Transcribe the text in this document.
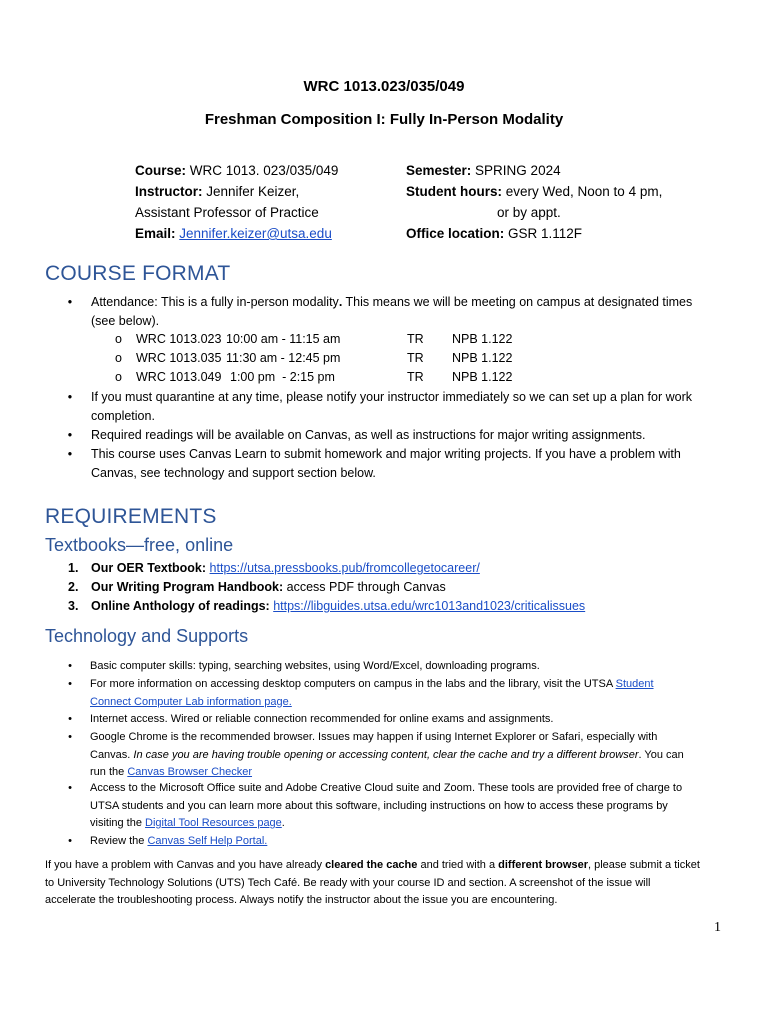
WRC 1013.023/035/049
Freshman Composition I: Fully In-Person Modality
Course: WRC 1013. 023/035/049
Instructor: Jennifer Keizer,
Assistant Professor of Practice
Email: Jennifer.keizer@utsa.edu
Semester: SPRING 2024
Student hours: every Wed, Noon to 4 pm,
or by appt.
Office location: GSR 1.112F
COURSE FORMAT
• Attendance: This is a fully in-person modality. This means we will be meeting on campus at designated times
(see below).
o WRC 1013.023 10:00 am - 11:15 am	TR NPB 1.122
o WRC 1013.035 11:30 am - 12:45 pm	TR NPB 1.122
o WRC 1013.049 1:00 pm  - 2:15 pm	TR NPB 1.122
• If you must quarantine at any time, please notify your instructor immediately so we can set up a plan for work
completion.
• Required readings will be available on Canvas, as well as instructions for major writing assignments.
• This course uses Canvas Learn to submit homework and major writing projects. If you have a problem with
Canvas, see technology and support section below.
REQUIREMENTS
Textbooks—free, online
1. Our OER Textbook: https://utsa.pressbooks.pub/fromcollegetocareer/
2. Our Writing Program Handbook: access PDF through Canvas
3. Online Anthology of readings: https://libguides.utsa.edu/wrc1013and1023/criticalissues
Technology and Supports
• Basic computer skills: typing, searching websites, using Word/Excel, downloading programs.
• For more information on accessing desktop computers on campus in the labs and the library, visit the UTSA Student
Connect Computer Lab information page.
• Internet access. Wired or reliable connection recommended for online exams and assignments.
• Google Chrome is the recommended browser. Issues may happen if using Internet Explorer or Safari, especially with
Canvas. In case you are having trouble opening or accessing content, clear the cache and try a different browser. You can
run the Canvas Browser Checker
• Access to the Microsoft Office suite and Adobe Creative Cloud suite and Zoom. These tools are provided free of charge to
UTSA students and you can learn more about this software, including instructions on how to access these programs by
visiting the Digital Tool Resources page.
• Review the Canvas Self Help Portal.
If you have a problem with Canvas and you have already cleared the cache and tried with a different browser, please submit a ticket
to University Technology Solutions (UTS) Tech Café. Be ready with your course ID and section. A screenshot of the issue will
accelerate the troubleshooting process. Always notify the instructor about the issue you are encountering.
1
